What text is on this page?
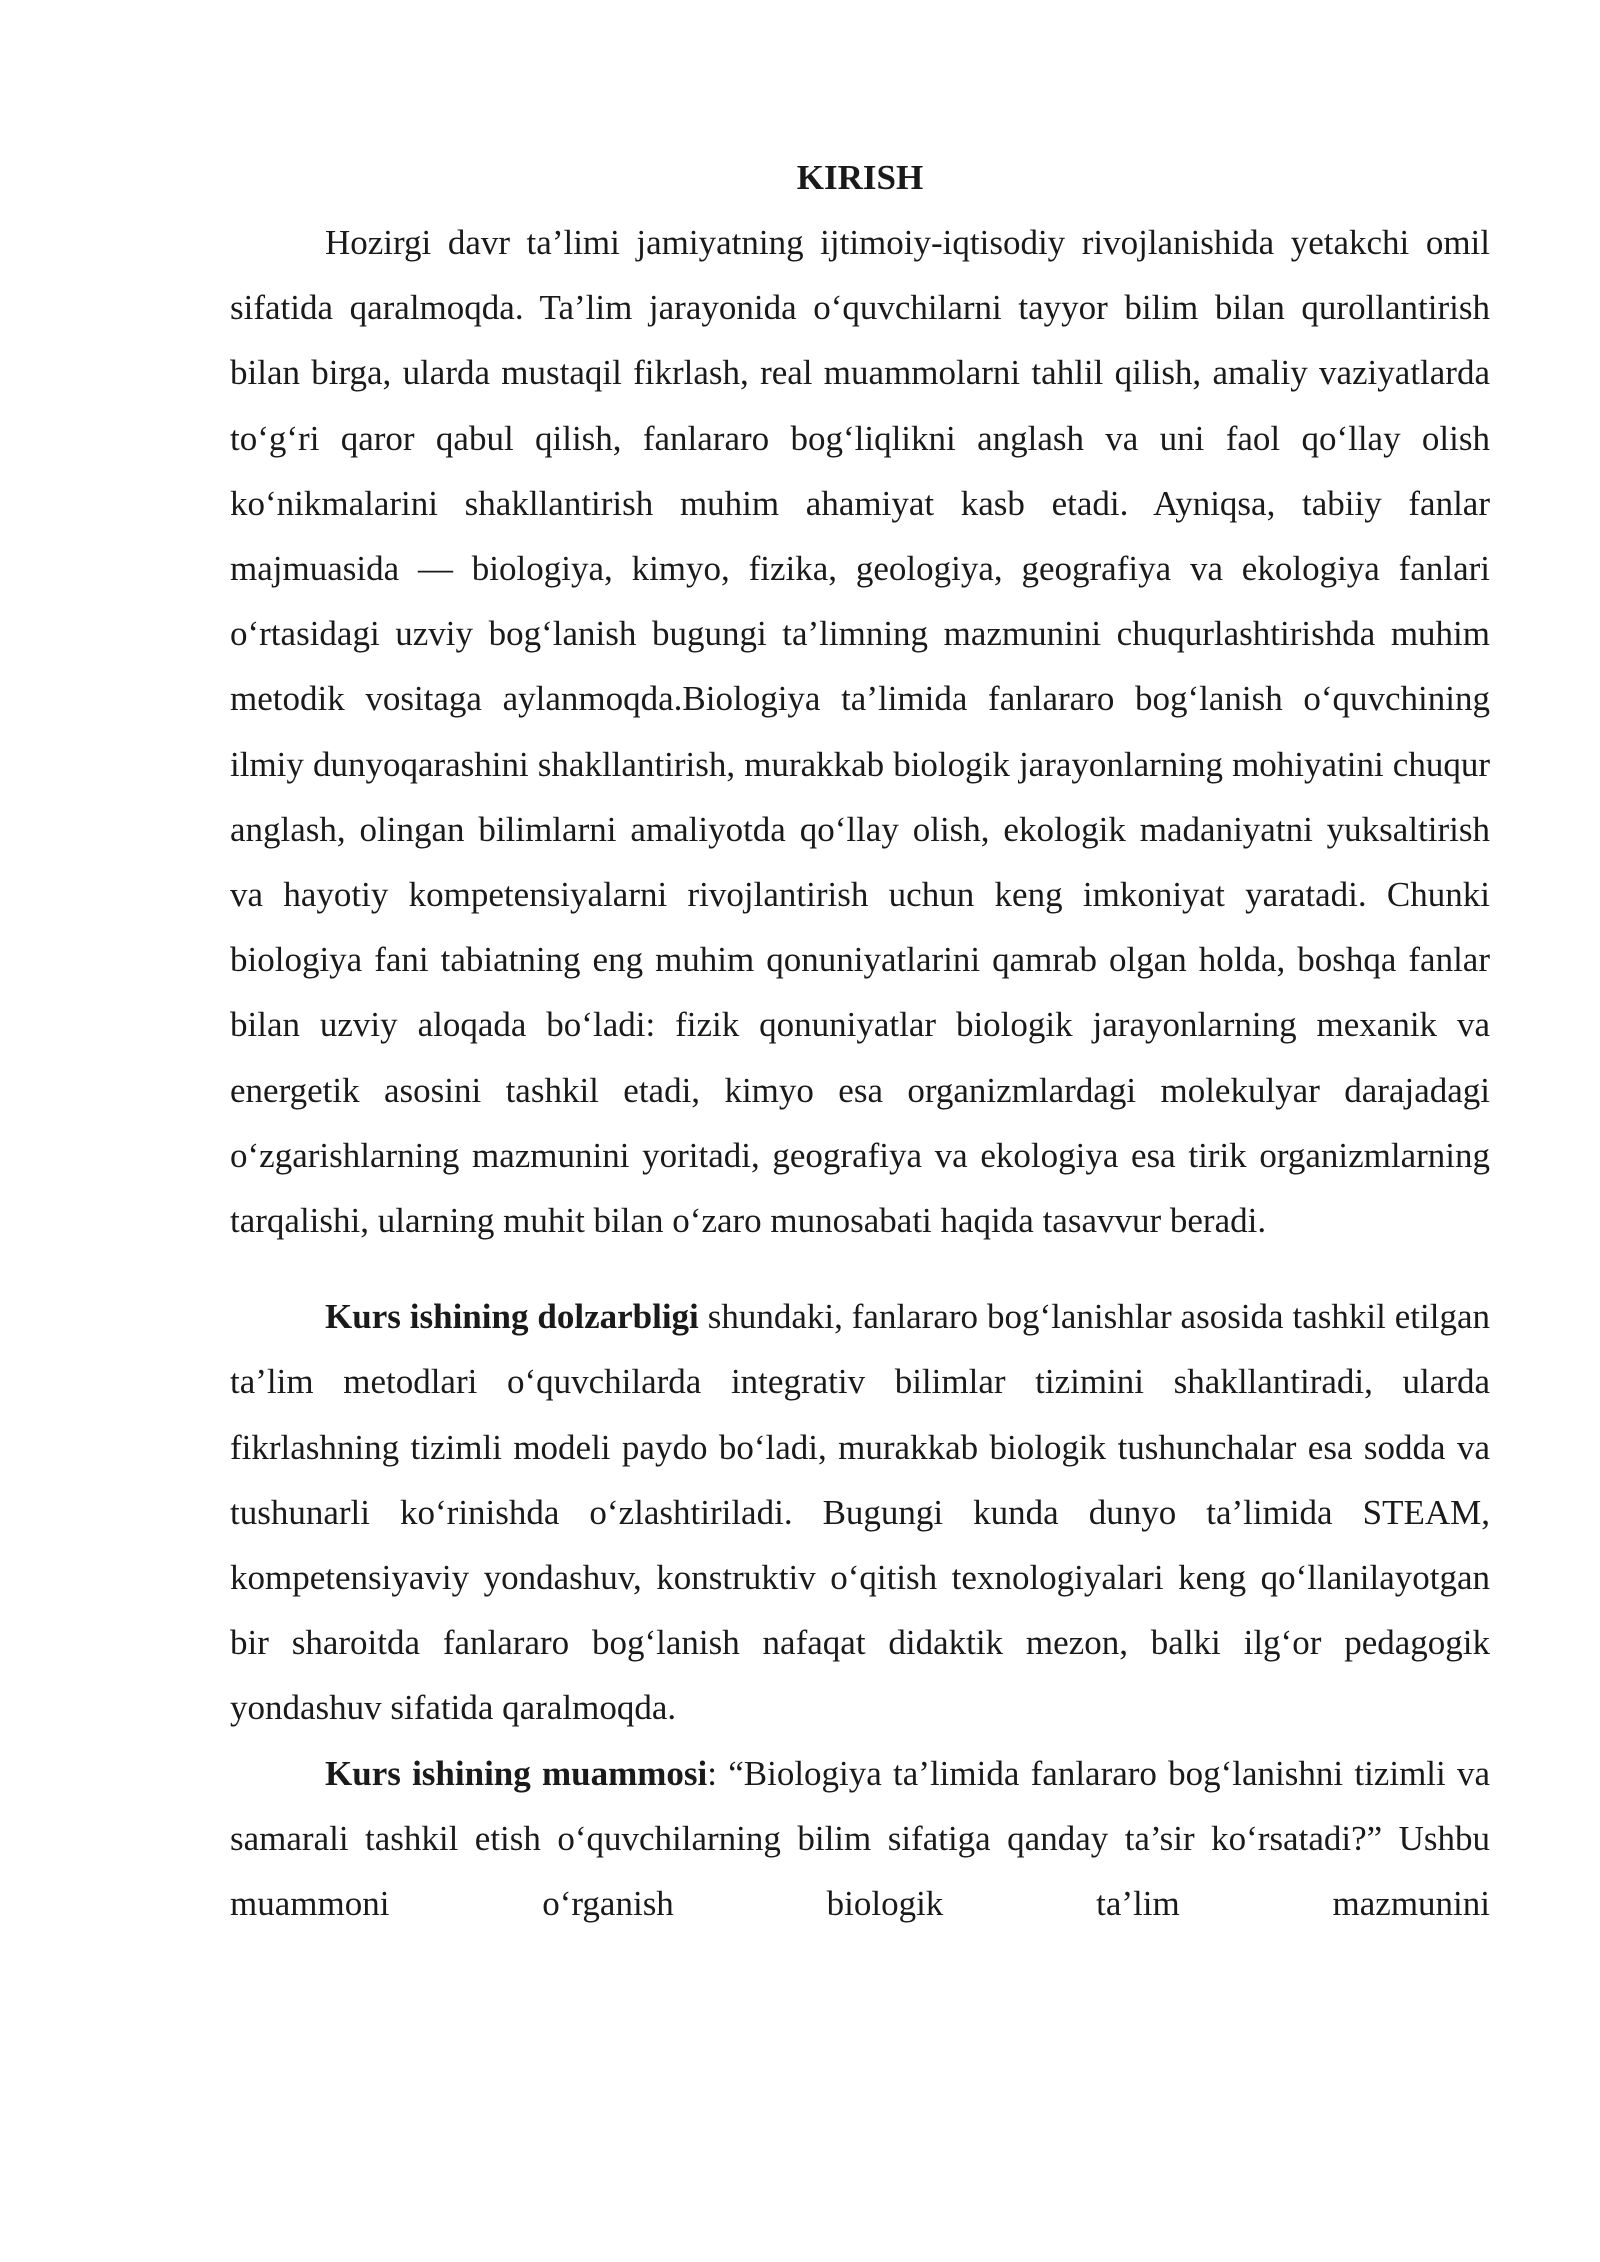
KIRISH

Hozirgi davr ta’limi jamiyatning ijtimoiy-iqtisodiy rivojlanishida yetakchi omil sifatida qaralmoqda. Ta’lim jarayonida o‘quvchilarni tayyor bilim bilan qurollantirish bilan birga, ularda mustaqil fikrlash, real muammolarni tahlil qilish, amaliy vaziyatlarda to‘g‘ri qaror qabul qilish, fanlararo bog‘liqlikni anglash va uni faol qo‘llay olish ko‘nikmalarini shakllantirish muhim ahamiyat kasb etadi. Ayniqsa, tabiiy fanlar majmuasida — biologiya, kimyo, fizika, geologiya, geografiya va ekologiya fanlari o‘rtasidagi uzviy bog‘lanish bugungi ta’limning mazmunini chuqurlashtirishda muhim metodik vositaga aylanmoqda.Biologiya ta’limida fanlararo bog‘lanish o‘quvchining ilmiy dunyoqarashini shakllantirish, murakkab biologik jarayonlarning mohiyatini chuqur anglash, olingan bilimlarni amaliyotda qo‘llay olish, ekologik madaniyatni yuksaltirish va hayotiy kompetensiyalarni rivojlantirish uchun keng imkoniyat yaratadi. Chunki biologiya fani tabiatning eng muhim qonuniyatlarini qamrab olgan holda, boshqa fanlar bilan uzviy aloqada bo‘ladi: fizik qonuniyatlar biologik jarayonlarning mexanik va energetik asosini tashkil etadi, kimyo esa organizmlardagi molekulyar darajadagi o‘zgarishlarning mazmunini yoritadi, geografiya va ekologiya esa tirik organizmlarning tarqalishi, ularning muhit bilan o‘zaro munosabati haqida tasavvur beradi.

Kurs ishining dolzarbligi shundaki, fanlararo bog‘lanishlar asosida tashkil etilgan ta’lim metodlari o‘quvchilarda integrativ bilimlar tizimini shakllantiradi, ularda fikrlashning tizimli modeli paydo bo‘ladi, murakkab biologik tushunchalar esa sodda va tushunarli ko‘rinishda o‘zlashtiriladi. Bugungi kunda dunyo ta’limida STEAM, kompetensiyaviy yondashuv, konstruktiv o‘qitish texnologiyalari keng qo‘llanilayotgan bir sharoitda fanlararo bog‘lanish nafaqat didaktik mezon, balki ilg‘or pedagogik yondashuv sifatida qaralmoqda.

Kurs ishining muammosi: “Biologiya ta’limida fanlararo bog‘lanishni tizimli va samarali tashkil etish o‘quvchilarning bilim sifatiga qanday ta’sir ko‘rsatadi?” Ushbu muammoni o‘rganish biologik ta’lim mazmunini
